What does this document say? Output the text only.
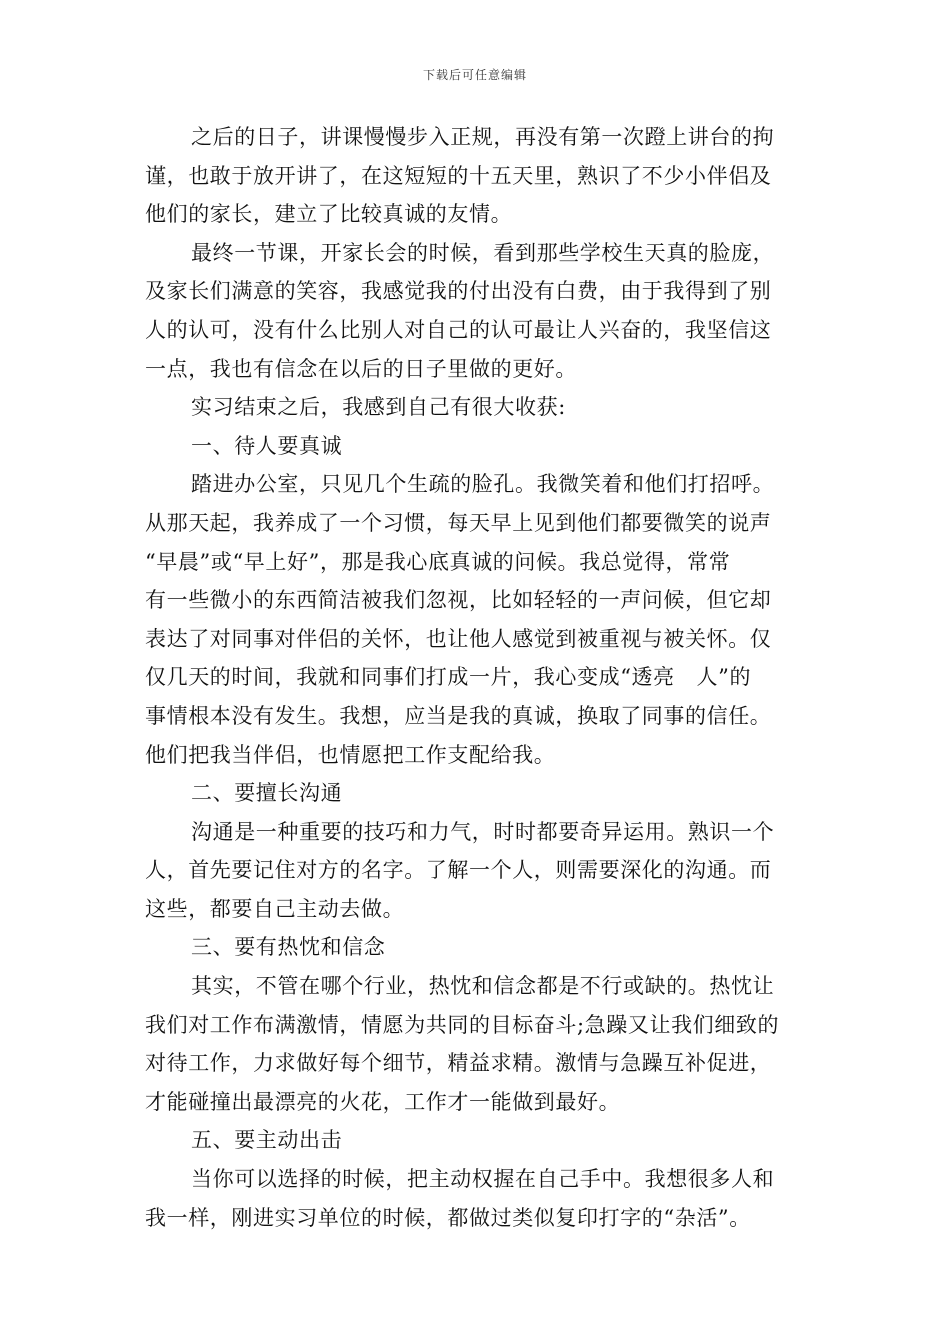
下载后可任意编辑
之后的日子，讲课慢慢步入正规，再没有第一次蹬上讲台的拘
谨，也敢于放开讲了，在这短短的十五天里，熟识了不少小伴侣及
他们的家长，建立了比较真诚的友情。
最终一节课，开家长会的时候，看到那些学校生天真的脸庞，
及家长们满意的笑容，我感觉我的付出没有白费，由于我得到了别
人的认可，没有什么比别人对自己的认可最让人兴奋的，我坚信这
一点，我也有信念在以后的日子里做的更好。
实习结束之后，我感到自己有很大收获:
一、待人要真诚
踏进办公室，只见几个生疏的脸孔。我微笑着和他们打招呼。
从那天起，我养成了一个习惯，每天早上见到他们都要微笑的说声
“早晨”或“早上好”，那是我心底真诚的问候。我总觉得，常常
有一些微小的东西简洁被我们忽视，比如轻轻的一声问候，但它却
表达了对同事对伴侣的关怀，也让他人感觉到被重视与被关怀。仅
仅几天的时间，我就和同事们打成一片，我心变成“透亮   人”的
事情根本没有发生。我想，应当是我的真诚，换取了同事的信任。
他们把我当伴侣，也情愿把工作支配给我。
二、要擅长沟通
沟通是一种重要的技巧和力气，时时都要奇异运用。熟识一个
人，首先要记住对方的名字。了解一个人，则需要深化的沟通。而
这些，都要自己主动去做。
三、要有热忱和信念
其实，不管在哪个行业，热忱和信念都是不行或缺的。热忱让
我们对工作布满激情，情愿为共同的目标奋斗;急躁又让我们细致的
对待工作，力求做好每个细节，精益求精。激情与急躁互补促进，
才能碰撞出最漂亮的火花，工作才一能做到最好。
五、要主动出击
当你可以选择的时候，把主动权握在自己手中。我想很多人和
我一样，刚进实习单位的时候，都做过类似复印打字的“杂活”。
